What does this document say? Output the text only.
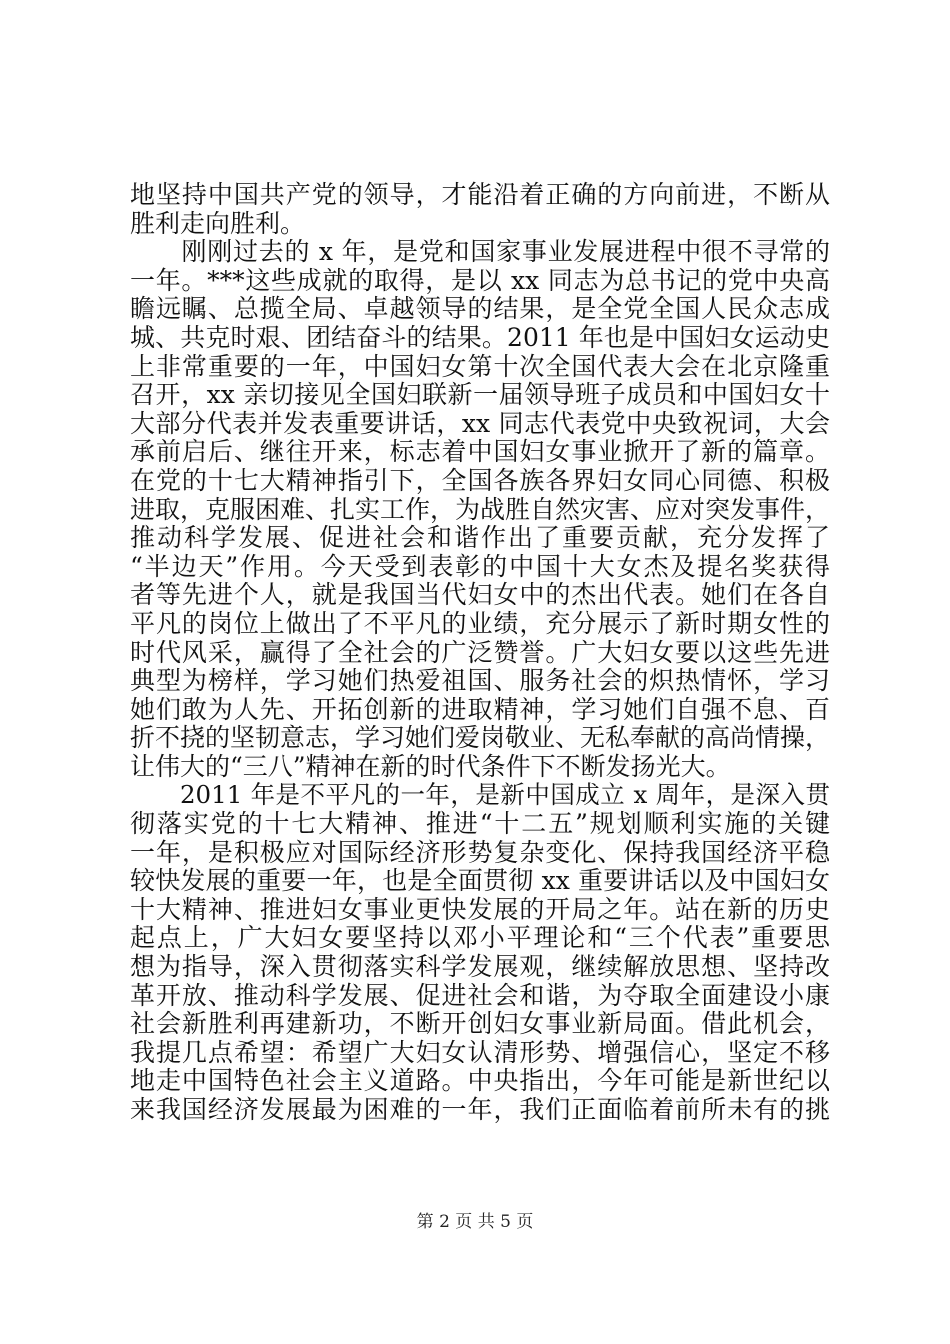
地坚持中国共产党的领导，才能沿着正确的方向前进，不断从
胜利走向胜利。
　　刚刚过去的 x 年，是党和国家事业发展进程中很不寻常的
一年。***这些成就的取得，是以 xx 同志为总书记的党中央高
瞻远瞩、总揽全局、卓越领导的结果，是全党全国人民众志成
城、共克时艰、团结奋斗的结果。2011 年也是中国妇女运动史
上非常重要的一年，中国妇女第十次全国代表大会在北京隆重
召开，xx 亲切接见全国妇联新一届领导班子成员和中国妇女十
大部分代表并发表重要讲话，xx 同志代表党中央致祝词，大会
承前启后、继往开来，标志着中国妇女事业掀开了新的篇章。
在党的十七大精神指引下，全国各族各界妇女同心同德、积极
进取，克服困难、扎实工作，为战胜自然灾害、应对突发事件，
推动科学发展、促进社会和谐作出了重要贡献，充分发挥了
“半边天”作用。今天受到表彰的中国十大女杰及提名奖获得
者等先进个人，就是我国当代妇女中的杰出代表。她们在各自
平凡的岗位上做出了不平凡的业绩，充分展示了新时期女性的
时代风采，赢得了全社会的广泛赞誉。广大妇女要以这些先进
典型为榜样，学习她们热爱祖国、服务社会的炽热情怀，学习
她们敢为人先、开拓创新的进取精神，学习她们自强不息、百
折不挠的坚韧意志，学习她们爱岗敬业、无私奉献的高尚情操，
让伟大的“三八”精神在新的时代条件下不断发扬光大。
　　2011 年是不平凡的一年，是新中国成立 x 周年，是深入贯
彻落实党的十七大精神、推进“十二五”规划顺利实施的关键
一年，是积极应对国际经济形势复杂变化、保持我国经济平稳
较快发展的重要一年，也是全面贯彻 xx 重要讲话以及中国妇女
十大精神、推进妇女事业更快发展的开局之年。站在新的历史
起点上，广大妇女要坚持以邓小平理论和“三个代表”重要思
想为指导，深入贯彻落实科学发展观，继续解放思想、坚持改
革开放、推动科学发展、促进社会和谐，为夺取全面建设小康
社会新胜利再建新功，不断开创妇女事业新局面。借此机会，
我提几点希望：希望广大妇女认清形势、增强信心，坚定不移
地走中国特色社会主义道路。中央指出，今年可能是新世纪以
来我国经济发展最为困难的一年，我们正面临着前所未有的挑
第 2 页 共 5 页
